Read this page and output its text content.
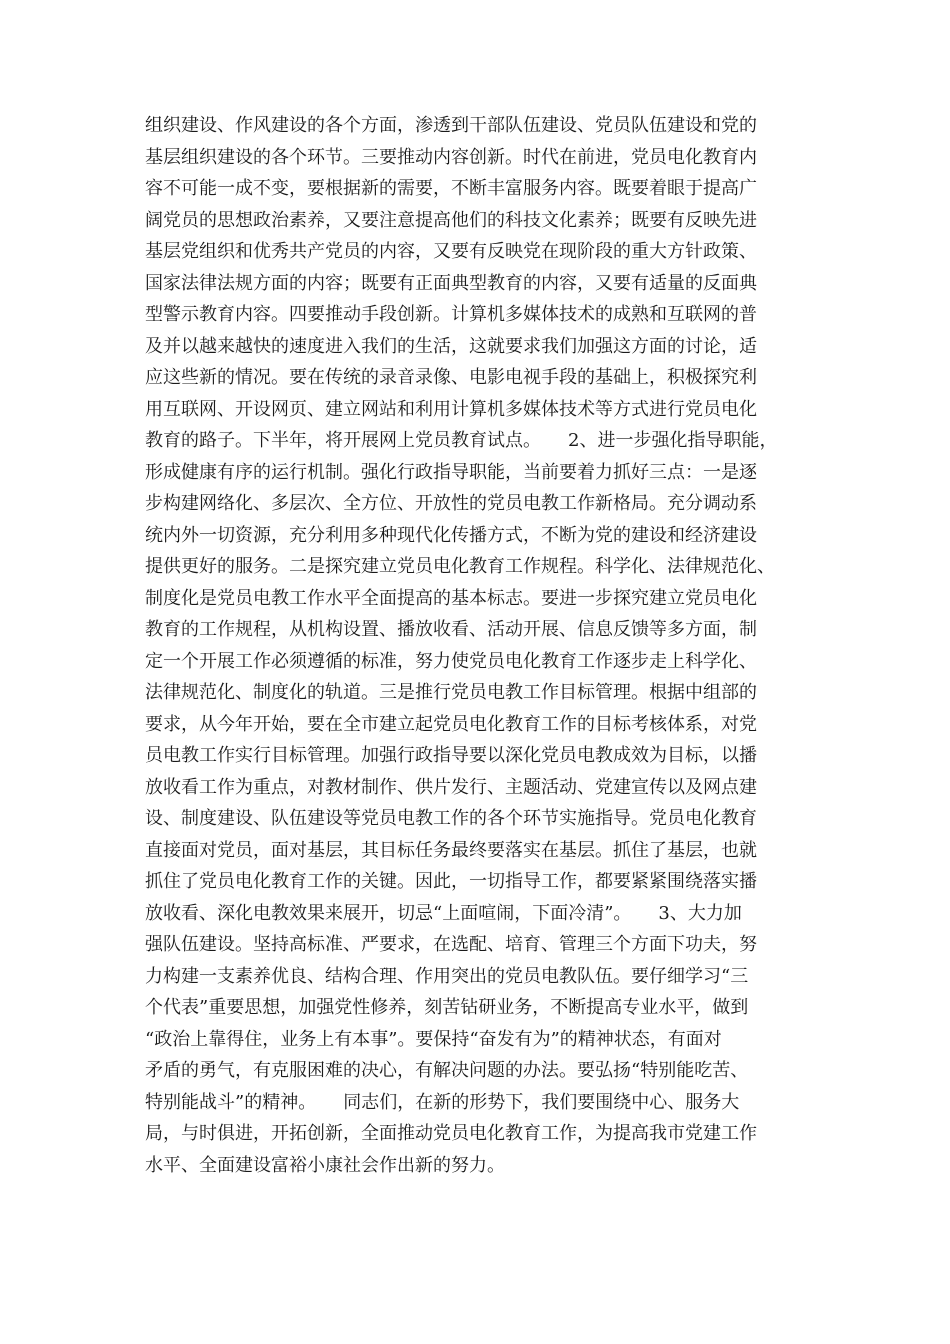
组织建设、作风建设的各个方面，渗透到干部队伍建设、党员队伍建设和党的
基层组织建设的各个环节。三要推动内容创新。时代在前进，党员电化教育内
容不可能一成不变，要根据新的需要，不断丰富服务内容。既要着眼于提高广
阔党员的思想政治素养，又要注意提高他们的科技文化素养；既要有反映先进
基层党组织和优秀共产党员的内容，又要有反映党在现阶段的重大方针政策、
国家法律法规方面的内容；既要有正面典型教育的内容，又要有适量的反面典
型警示教育内容。四要推动手段创新。计算机多媒体技术的成熟和互联网的普
及并以越来越快的速度进入我们的生活，这就要求我们加强这方面的讨论，适
应这些新的情况。要在传统的录音录像、电影电视手段的基础上，积极探究利
用互联网、开设网页、建立网站和利用计算机多媒体技术等方式进行党员电化
教育的路子。下半年，将开展网上党员教育试点。　　2、进一步强化指导职能，
形成健康有序的运行机制。强化行政指导职能，当前要着力抓好三点：一是逐
步构建网络化、多层次、全方位、开放性的党员电教工作新格局。充分调动系
统内外一切资源，充分利用多种现代化传播方式，不断为党的建设和经济建设
提供更好的服务。二是探究建立党员电化教育工作规程。科学化、法律规范化、
制度化是党员电教工作水平全面提高的基本标志。要进一步探究建立党员电化
教育的工作规程，从机构设置、播放收看、活动开展、信息反馈等多方面，制
定一个开展工作必须遵循的标准，努力使党员电化教育工作逐步走上科学化、
法律规范化、制度化的轨道。三是推行党员电教工作目标管理。根据中组部的
要求，从今年开始，要在全市建立起党员电化教育工作的目标考核体系，对党
员电教工作实行目标管理。加强行政指导要以深化党员电教成效为目标，以播
放收看工作为重点，对教材制作、供片发行、主题活动、党建宣传以及网点建
设、制度建设、队伍建设等党员电教工作的各个环节实施指导。党员电化教育
直接面对党员，面对基层，其目标任务最终要落实在基层。抓住了基层，也就
抓住了党员电化教育工作的关键。因此，一切指导工作，都要紧紧围绕落实播
放收看、深化电教效果来展开，切忌“上面喧闹，下面冷清”。　　3、大力加
强队伍建设。坚持高标准、严要求，在选配、培育、管理三个方面下功夫，努
力构建一支素养优良、结构合理、作用突出的党员电教队伍。要仔细学习“三
个代表”重要思想，加强党性修养，刻苦钻研业务，不断提高专业水平，做到
“政治上靠得住，业务上有本事”。要保持“奋发有为”的精神状态，有面对
矛盾的勇气，有克服困难的决心，有解决问题的办法。要弘扬“特别能吃苦、
特别能战斗”的精神。　　同志们，在新的形势下，我们要围绕中心、服务大
局，与时俱进，开拓创新，全面推动党员电化教育工作，为提高我市党建工作
水平、全面建设富裕小康社会作出新的努力。
